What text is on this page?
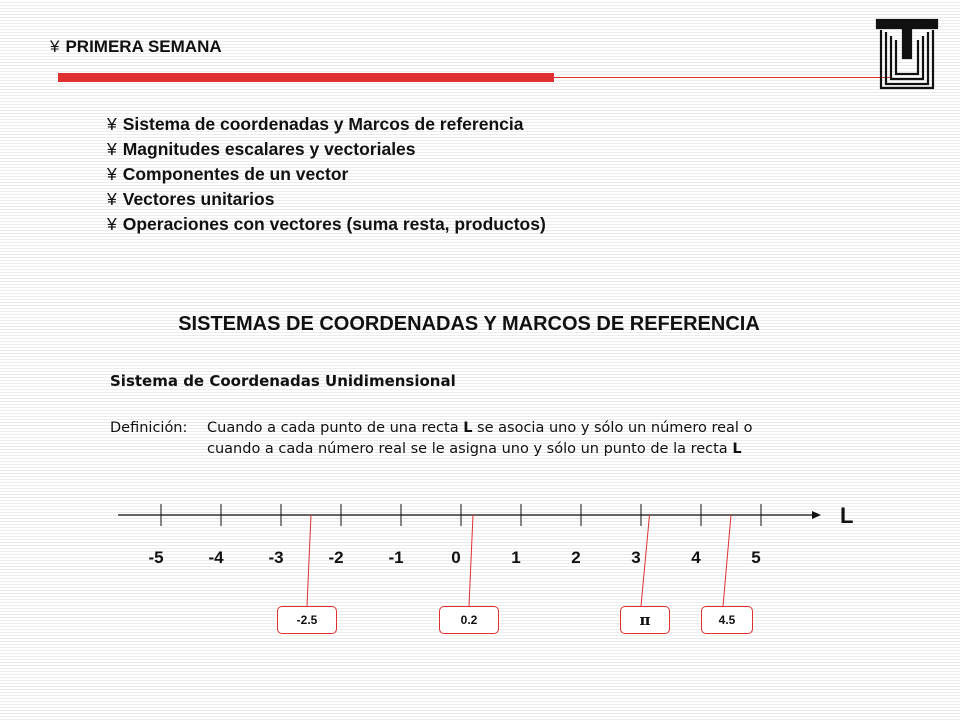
¥ PRIMERA SEMANA
¥ Sistema de coordenadas y Marcos de referencia
¥ Magnitudes escalares y vectoriales
¥ Componentes de un vector
¥ Vectores unitarios
¥ Operaciones con vectores (suma resta, productos)
SISTEMAS DE COORDENADAS Y MARCOS DE REFERENCIA
Sistema de Coordenadas Unidimensional
Definición:	Cuando a cada punto de una recta L se asocia uno y sólo un número real o
cuando a cada número real se le asigna uno y sólo un punto de la recta L
L
-5	-4	-3	-2	-1	0	1	2	3	4	5
-2.5	0.2	π	4.5
